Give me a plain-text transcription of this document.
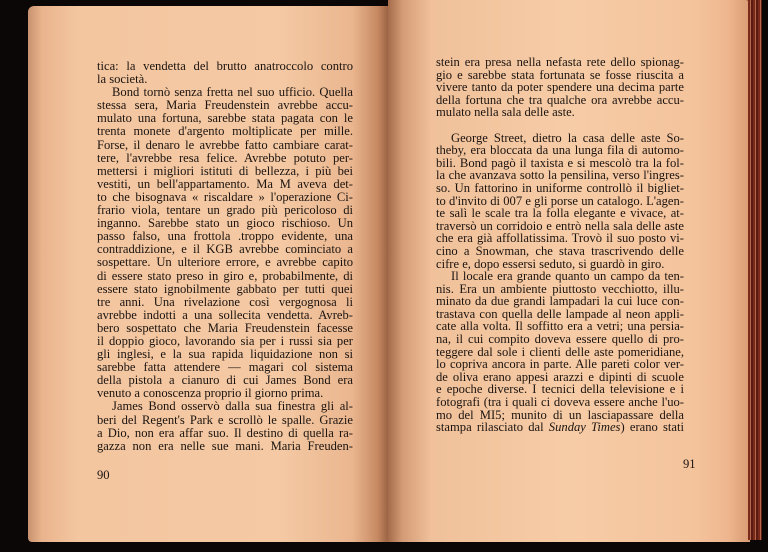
tica: la vendetta del brutto anatroccolo contro
la società.
Bond tornò senza fretta nel suo ufficio. Quella
stessa sera, Maria Freudenstein avrebbe accu-
mulato una fortuna, sarebbe stata pagata con le
trenta monete d'argento moltiplicate per mille.
Forse, il denaro le avrebbe fatto cambiare carat-
tere, l'avrebbe resa felice. Avrebbe potuto per-
mettersi i migliori istituti di bellezza, i più bei
vestiti, un bell'appartamento. Ma M aveva det-
to che bisognava « riscaldare » l'operazione Ci-
frario viola, tentare un grado più pericoloso di
inganno. Sarebbe stato un gioco rischioso. Un
passo falso, una frottola .troppo evidente, una
contraddizione, e il KGB avrebbe cominciato a
sospettare. Un ulteriore errore, e avrebbe capito
di essere stato preso in giro e, probabilmente, di
essere stato ignobilmente gabbato per tutti quei
tre anni. Una rivelazione così vergognosa li
avrebbe indotti a una sollecita vendetta. Avreb-
bero sospettato che Maria Freudenstein facesse
il doppio gioco, lavorando sia per i russi sia per
gli inglesi, e la sua rapida liquidazione non si
sarebbe fatta attendere — magari col sistema
della pistola a cianuro di cui James Bond era
venuto a conoscenza proprio il giorno prima.
James Bond osservò dalla sua finestra gli al-
beri del Regent's Park e scrollò le spalle. Grazie
a Dio, non era affar suo. Il destino di quella ra-
gazza non era nelle sue mani. Maria Freuden-
stein era presa nella nefasta rete dello spionag-
gio e sarebbe stata fortunata se fosse riuscita a
vivere tanto da poter spendere una decima parte
della fortuna che tra qualche ora avrebbe accu-
mulato nella sala delle aste.
George Street, dietro la casa delle aste So-
theby, era bloccata da una lunga fila di automo-
bili. Bond pagò il taxista e si mescolò tra la fol-
la che avanzava sotto la pensilina, verso l'ingres-
so. Un fattorino in uniforme controllò il bigliet-
to d'invito di 007 e gli porse un catalogo. L'agen-
te salì le scale tra la folla elegante e vivace, at-
traversò un corridoio e entrò nella sala delle aste
che era già affollatissima. Trovò il suo posto vi-
cino a Snowman, che stava trascrivendo delle
cifre e, dopo essersi seduto, si guardò in giro.
Il locale era grande quanto un campo da ten-
nis. Era un ambiente piuttosto vecchiotto, illu-
minato da due grandi lampadari la cui luce con-
trastava con quella delle lampade al neon appli-
cate alla volta. Il soffitto era a vetri; una persia-
na, il cui compito doveva essere quello di pro-
teggere dal sole i clienti delle aste pomeridiane,
lo copriva ancora in parte. Alle pareti color ver-
de oliva erano appesi arazzi e dipinti di scuole
e epoche diverse. I tecnici della televisione e i
fotografi (tra i quali ci doveva essere anche l'uo-
mo del MI5; munito di un lasciapassare della
stampa rilasciato dal Sunday Times) erano stati
90
91
